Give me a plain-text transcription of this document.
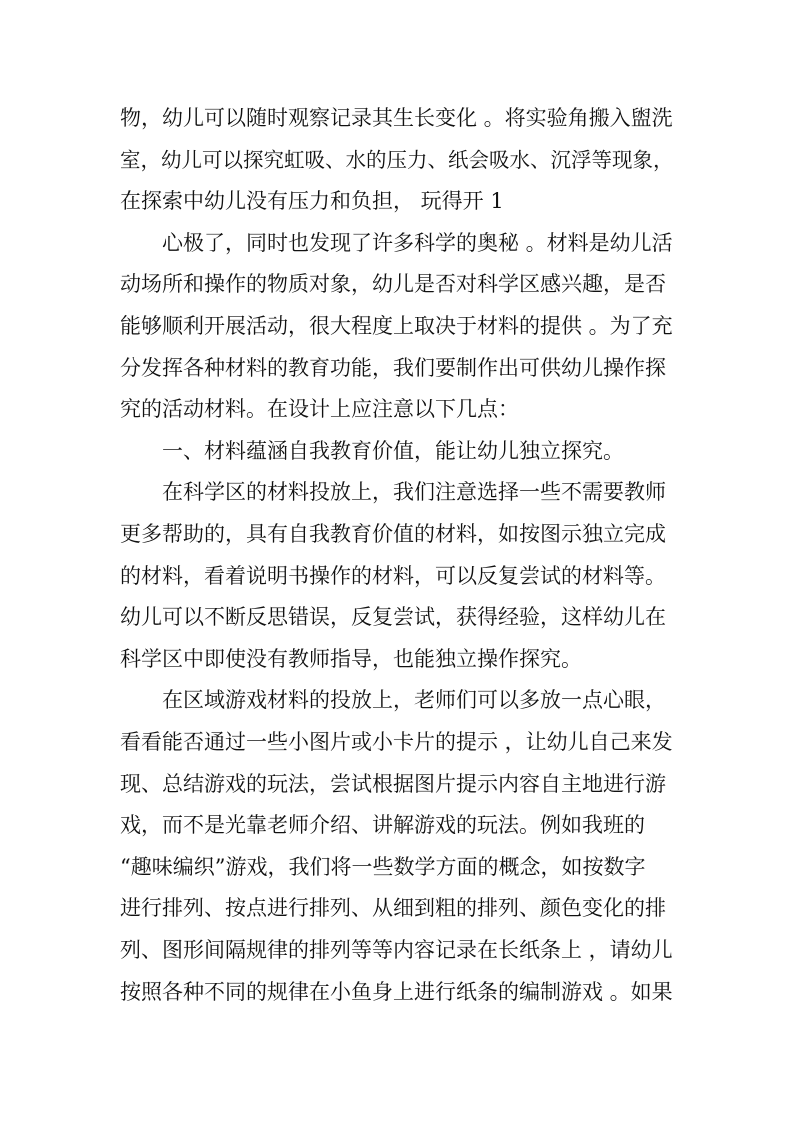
物，幼儿可以随时观察记录其生长变化 。将实验角搬入盥洗
室，幼儿可以探究虹吸、水的压力、纸会吸水、沉浮等现象，
在探索中幼儿没有压力和负担， 玩得开 1
心极了，同时也发现了许多科学的奥秘 。材料是幼儿活
动场所和操作的物质对象，幼儿是否对科学区感兴趣，是否
能够顺利开展活动，很大程度上取决于材料的提供 。为了充
分发挥各种材料的教育功能，我们要制作出可供幼儿操作探
究的活动材料。在设计上应注意以下几点：
一、材料蕴涵自我教育价值，能让幼儿独立探究。
在科学区的材料投放上，我们注意选择一些不需要教师
更多帮助的，具有自我教育价值的材料，如按图示独立完成
的材料，看着说明书操作的材料，可以反复尝试的材料等。
幼儿可以不断反思错误，反复尝试，获得经验，这样幼儿在
科学区中即使没有教师指导，也能独立操作探究。
在区域游戏材料的投放上，老师们可以多放一点心眼，
看看能否通过一些小图片或小卡片的提示 ，让幼儿自己来发
现、总结游戏的玩法，尝试根据图片提示内容自主地进行游
戏，而不是光靠老师介绍、讲解游戏的玩法。例如我班的
“趣味编织”游戏，我们将一些数学方面的概念，如按数字
进行排列、按点进行排列、从细到粗的排列、颜色变化的排
列、图形间隔规律的排列等等内容记录在长纸条上 ，请幼儿
按照各种不同的规律在小鱼身上进行纸条的编制游戏 。如果
